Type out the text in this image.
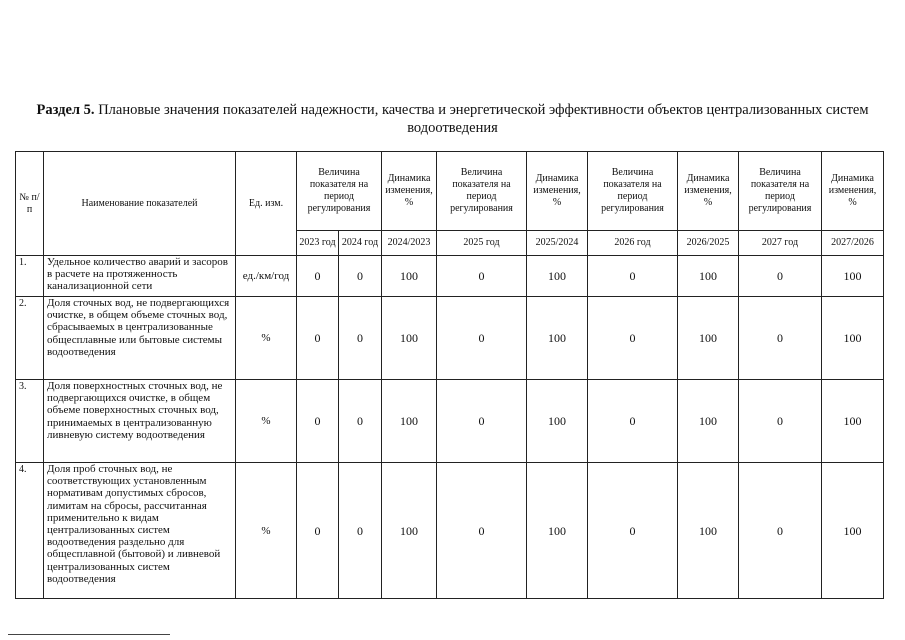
Раздел 5. Плановые значения показателей надежности, качества и энергетической эффективности объектов централизованных систем водоотведения
№ п/п	Наименование показателей	Ед. изм.	Величина показателя на период регулирования		Динамика изменения, %	Величина показателя на период регулирования	Динамика изменения, %	Величина показателя на период регулирования	Динамика изменения, %	Величина показателя на период регулирования	Динамика изменения, %
			2023 год	2024 год	2024/2023	2025 год	2025/2024	2026 год	2026/2025	2027 год	2027/2026
1.	Удельное количество аварий и засоров в расчете на протяженность канализационной сети	ед./км/год	0	0	100	0	100	0	100	0	100
2.	Доля сточных вод, не подвергающихся очистке, в общем объеме сточных вод, сбрасываемых в централизованные общесплавные или бытовые системы водоотведения	%	0	0	100	0	100	0	100	0	100
3.	Доля поверхностных сточных вод, не подвергающихся очистке, в общем объеме поверхностных сточных вод, принимаемых в централизованную ливневую систему водоотведения	%	0	0	100	0	100	0	100	0	100
4.	Доля проб сточных вод, не соответствующих установленным нормативам допустимых сбросов, лимитам на сбросы, рассчитанная применительно к видам централизованных систем водоотведения раздельно для общесплавной (бытовой) и ливневой централизованных систем водоотведения	%	0	0	100	0	100	0	100	0	100
